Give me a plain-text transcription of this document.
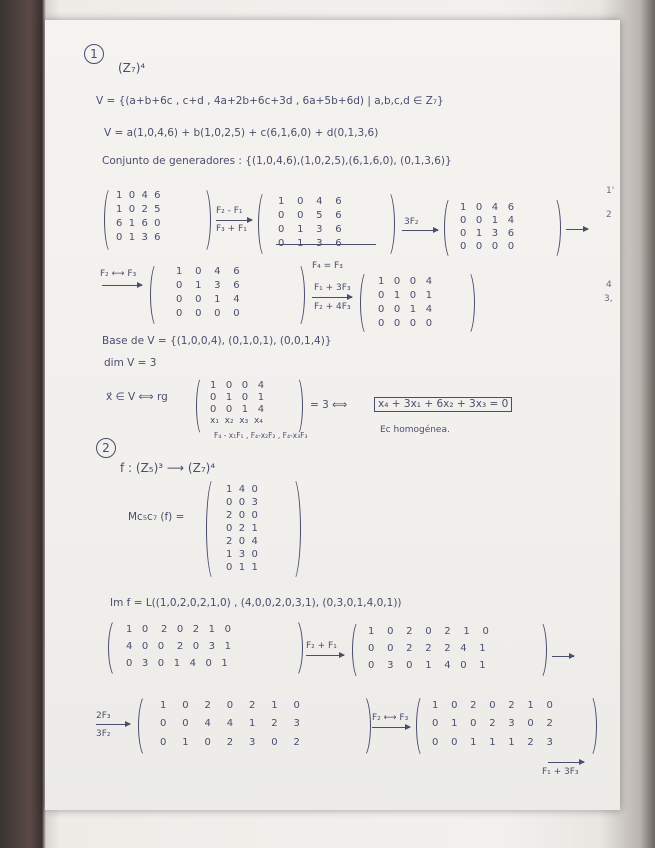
1
(Z₇)⁴
V = {(a+b+6c , c+d , 4a+2b+6c+3d , 6a+5b+6d) | a,b,c,d ∈ Z₇}
V = a(1,0,4,6) + b(1,0,2,5) + c(6,1,6,0) + d(0,1,3,6)
Conjunto de generadores : {(1,0,4,6),(1,0,2,5),(6,1,6,0), (0,1,3,6)}
1  0  4  6
1  0  2  5
6  1  6  0
0  1  3  6
F₂ - F₁
F₃ + F₁
1    0    4    6
0    0    5    6
0    1    3    6
0    1    3    6
F₄ = F₃
3F₂
1   0   4   6
0   0   1   4
0   1   3   6
0   0   0   0
F₂ ⟷ F₃	1    0    4    6
0    1    3    6
0    0    1    4
0    0    0    0
F₁ + 3F₃
F₂ + 4F₃
1   0   0   4
0   1   0   1
0   0   1   4
0   0   0   0
Base de V = {(1,0,0,4), (0,1,0,1), (0,0,1,4)}
dim V = 3
x⃗ ∈ V ⟺ rg
1   0   0   4
0   1   0   1
0   0   1   4
x₁  x₂  x₃  x₄
F₄ - x₁F₁ , F₄-x₂F₂ , F₄-x₃F₃
= 3 ⟺	x₄ + 3x₁ + 6x₂ + 3x₃ = 0
Ec homogénea.
2
f : (Z₅)³ ⟶ (Z₇)⁴
Mᴄ₅ᴄ₇ (f) =
1  4  0
0  0  3
2  0  0
0  2  1
2  0  4
1  3  0
0  1  1
Im f = L((1,0,2,0,2,1,0) , (4,0,0,2,0,3,1), (0,3,0,1,4,0,1))
1   0    2   0   2   1   0
4   0   0    2   0   3   1
0   3   0   1   4   0   1
F₂ + F₁
1    0    2    0    2    1    0
0    0    2    2    2   4    1
0    3    0    1    4   0    1
2F₃
3F₂
1     0     2     0     2     1     0
0     0     4     4     1     2     3
0     1     0     2     3     0     2
F₂ ⟷ F₃
1    0    2    0    2    1    0
0    1    0    2    3    0    2
0    0    1    1    1    2    3
F₁ + 3F₃
1'
2
4
3,
